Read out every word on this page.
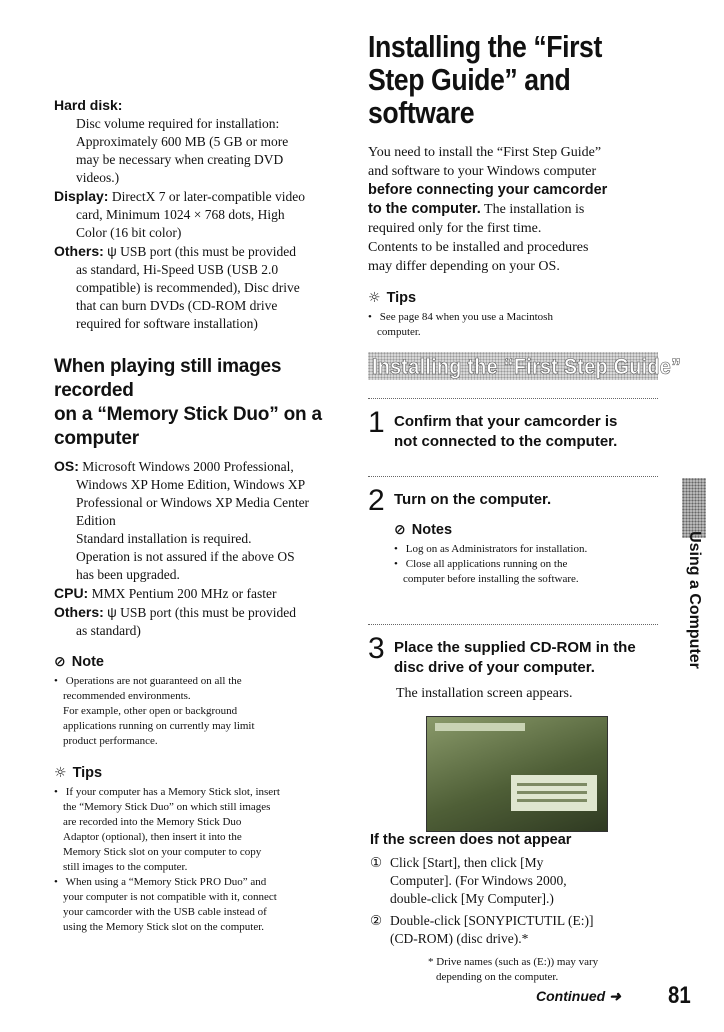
Hard disk:
Disc volume required for installation:
Approximately 600 MB (5 GB or more
may be necessary when creating DVD
videos.)
Display: DirectX 7 or later-compatible video
card, Minimum 1024 × 768 dots, High
Color (16 bit color)
Others: ψ USB port (this must be provided
as standard, Hi-Speed USB (USB 2.0
compatible) is recommended), Disc drive
that can burn DVDs (CD-ROM drive
required for software installation)
When playing still images recorded
on a “Memory Stick Duo” on a
computer
OS: Microsoft Windows 2000 Professional,
Windows XP Home Edition, Windows XP
Professional or Windows XP Media Center
Edition
Standard installation is required.
Operation is not assured if the above OS
has been upgraded.
CPU: MMX Pentium 200 MHz or faster
Others: ψ USB port (this must be provided
as standard)
⊘ Note
• Operations are not guaranteed on all the
recommended environments.
For example, other open or background
applications running on currently may limit
product performance.
☼ Tips
• If your computer has a Memory Stick slot, insert
the “Memory Stick Duo” on which still images
are recorded into the Memory Stick Duo
Adaptor (optional), then insert it into the
Memory Stick slot on your computer to copy
still images to the computer.
• When using a “Memory Stick PRO Duo” and
your computer is not compatible with it, connect
your camcorder with the USB cable instead of
using the Memory Stick slot on the computer.
Installing the “First
Step Guide” and
software
You need to install the “First Step Guide”
and software to your Windows computer
before connecting your camcorder
to the computer. The installation is
required only for the first time.
Contents to be installed and procedures
may differ depending on your OS.
☼ Tips
• See page 84 when you use a Macintosh
computer.
Installing the “First Step Guide”
1 Confirm that your camcorder is
not connected to the computer.
2 Turn on the computer.
⊘ Notes
• Log on as Administrators for installation.
• Close all applications running on the
computer before installing the software.
3 Place the supplied CD-ROM in the
disc drive of your computer.
The installation screen appears.
If the screen does not appear
① Click [Start], then click [My
Computer]. (For Windows 2000,
double-click [My Computer].)
② Double-click [SONYPICTUTIL (E:)]
(CD-ROM) (disc drive).*
* Drive names (such as (E:)) may vary
depending on the computer.
Continued ➜ 81
Using a Computer
